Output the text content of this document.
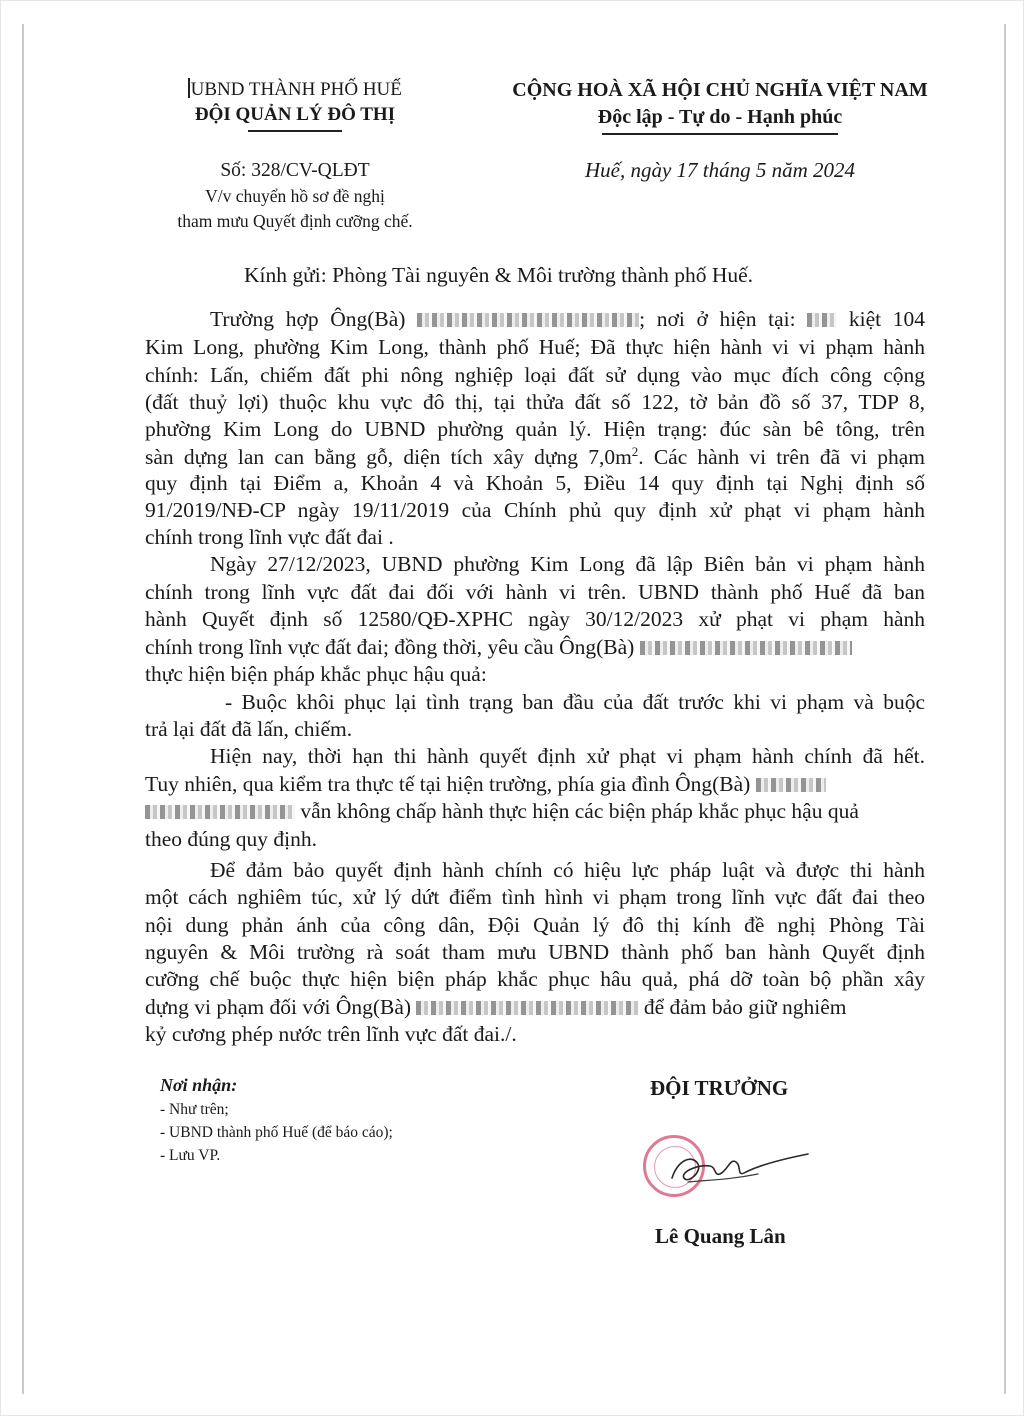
UBND THÀNH PHỐ HUẾ
ĐỘI QUẢN LÝ ĐÔ THỊ
Số: 328/CV-QLĐT
V/v chuyển hồ sơ đề nghị
tham mưu Quyết định cưỡng chế.
CỘNG HOÀ XÃ HỘI CHỦ NGHĨA VIỆT NAM
Độc lập - Tự do - Hạnh phúc
Huế, ngày 17 tháng 5 năm 2024
Kính gửi: Phòng Tài nguyên & Môi trường thành phố Huế.
Trường hợp Ông(Bà)	; nơi ở hiện tại: kiệt 104
Kim Long, phường Kim Long, thành phố Huế; Đã thực hiện hành vi vi phạm hành
chính: Lấn, chiếm đất phi nông nghiệp loại đất sử dụng vào mục đích công cộng
(đất thuỷ lợi) thuộc khu vực đô thị, tại thửa đất số 122, tờ bản đồ số 37, TDP 8,
phường Kim Long do UBND phường quản lý. Hiện trạng: đúc sàn bê tông, trên
sàn dựng lan can bằng gỗ, diện tích xây dựng $7,0m^2$. Các hành vi trên đã vi phạm
quy định tại Điểm a, Khoản 4 và Khoản 5, Điều 14 quy định tại Nghị định số
91/2019/NĐ-CP ngày 19/11/2019 của Chính phủ quy định xử phạt vi phạm hành
chính trong lĩnh vực đất đai .
Ngày 27/12/2023, UBND phường Kim Long đã lập Biên bản vi phạm hành
chính trong lĩnh vực đất đai đối với hành vi trên. UBND thành phố Huế đã ban
hành Quyết định số 12580/QĐ-XPHC ngày 30/12/2023 xử phạt vi phạm hành
chính trong lĩnh vực đất đai; đồng thời, yêu cầu Ông(Bà)
thực hiện biện pháp khắc phục hậu quả:
- Buộc khôi phục lại tình trạng ban đầu của đất trước khi vi phạm và buộc
trả lại đất đã lấn, chiếm.
Hiện nay, thời hạn thi hành quyết định xử phạt vi phạm hành chính đã hết.
Tuy nhiên, qua kiểm tra thực tế tại hiện trường, phía gia đình Ông(Bà)
vẫn không chấp hành thực hiện các biện pháp khắc phục hậu quả
theo đúng quy định.
Để đảm bảo quyết định hành chính có hiệu lực pháp luật và được thi hành
một cách nghiêm túc, xử lý dứt điểm tình hình vi phạm trong lĩnh vực đất đai theo
nội dung phản ánh của công dân, Đội Quản lý đô thị kính đề nghị Phòng Tài
nguyên & Môi trường rà soát tham mưu UBND thành phố ban hành Quyết định
cưỡng chế buộc thực hiện biện pháp khắc phục hâu quả, phá dỡ toàn bộ phần xây
dựng vi phạm đối với Ông(Bà)	để đảm bảo giữ nghiêm
kỷ cương phép nước trên lĩnh vực đất đai./.
Nơi nhận:
- Như trên;
- UBND thành phố Huế (để báo cáo);
- Lưu VP.
ĐỘI TRƯỞNG
Lê Quang Lân
